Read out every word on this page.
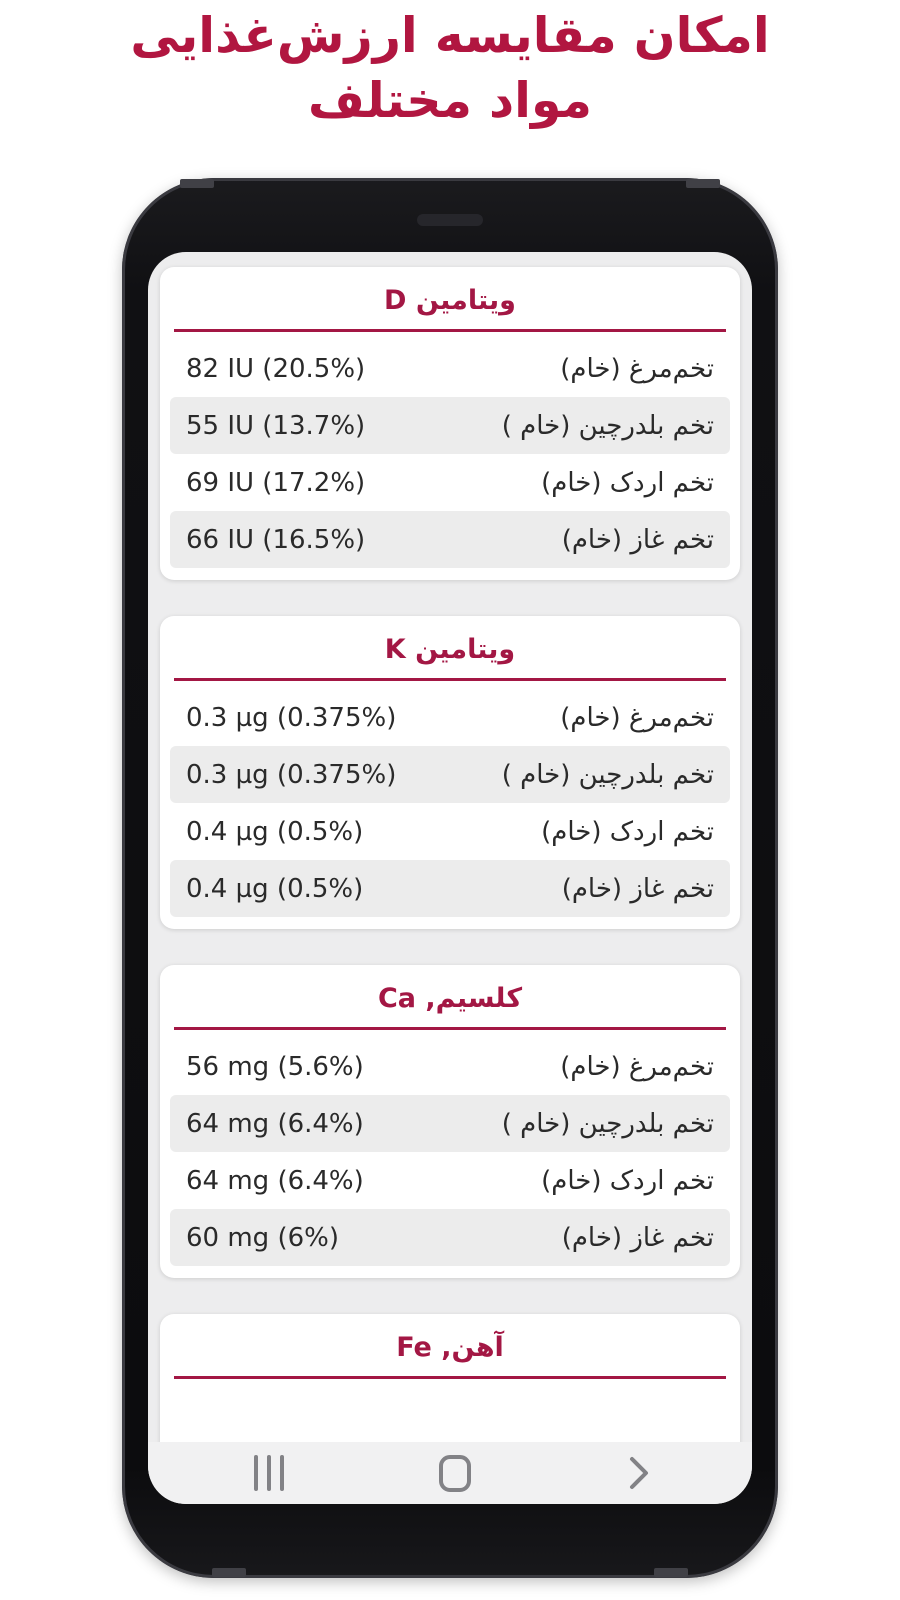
امکان مقایسه ارزش‌غذایی
مواد مختلف
ویتامین D
تخم‌مرغ (خام)
82 IU (20.5%)
تخم بلدرچین (خام )
55 IU (13.7%)
تخم اردک (خام)
69 IU (17.2%)
تخم غاز (خام)
66 IU (16.5%)
ویتامین K
تخم‌مرغ (خام)
0.3 µg (0.375%)
تخم بلدرچین (خام )
0.3 µg (0.375%)
تخم اردک (خام)
0.4 µg (0.5%)
تخم غاز (خام)
0.4 µg (0.5%)
کلسیم, Ca
تخم‌مرغ (خام)
56 mg (5.6%)
تخم بلدرچین (خام )
64 mg (6.4%)
تخم اردک (خام)
64 mg (6.4%)
تخم غاز (خام)
60 mg (6%)
آهن, Fe
